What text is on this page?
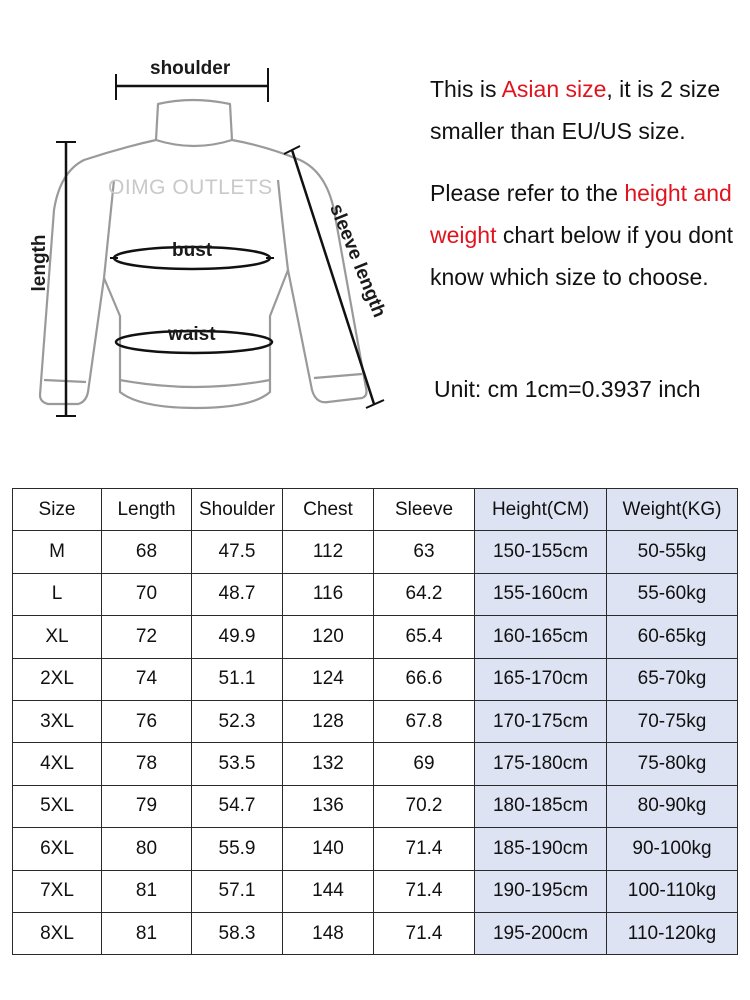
OIMG OUTLETS
shoulder
bust
waist
length	sleeve length
This is Asian size, it is 2 size smaller than EU/US size.
Please refer to the height and weight chart below if you dont know which size to choose.
Unit: cm 1cm=0.3937 inch
Size	Length	Shoulder	Chest	Sleeve	Height(CM)	Weight(KG)
M	68	47.5	112	63	150-155cm	50-55kg
L	70	48.7	116	64.2	155-160cm	55-60kg
XL	72	49.9	120	65.4	160-165cm	60-65kg
2XL	74	51.1	124	66.6	165-170cm	65-70kg
3XL	76	52.3	128	67.8	170-175cm	70-75kg
4XL	78	53.5	132	69	175-180cm	75-80kg
5XL	79	54.7	136	70.2	180-185cm	80-90kg
6XL	80	55.9	140	71.4	185-190cm	90-100kg
7XL	81	57.1	144	71.4	190-195cm	100-110kg
8XL	81	58.3	148	71.4	195-200cm	110-120kg
